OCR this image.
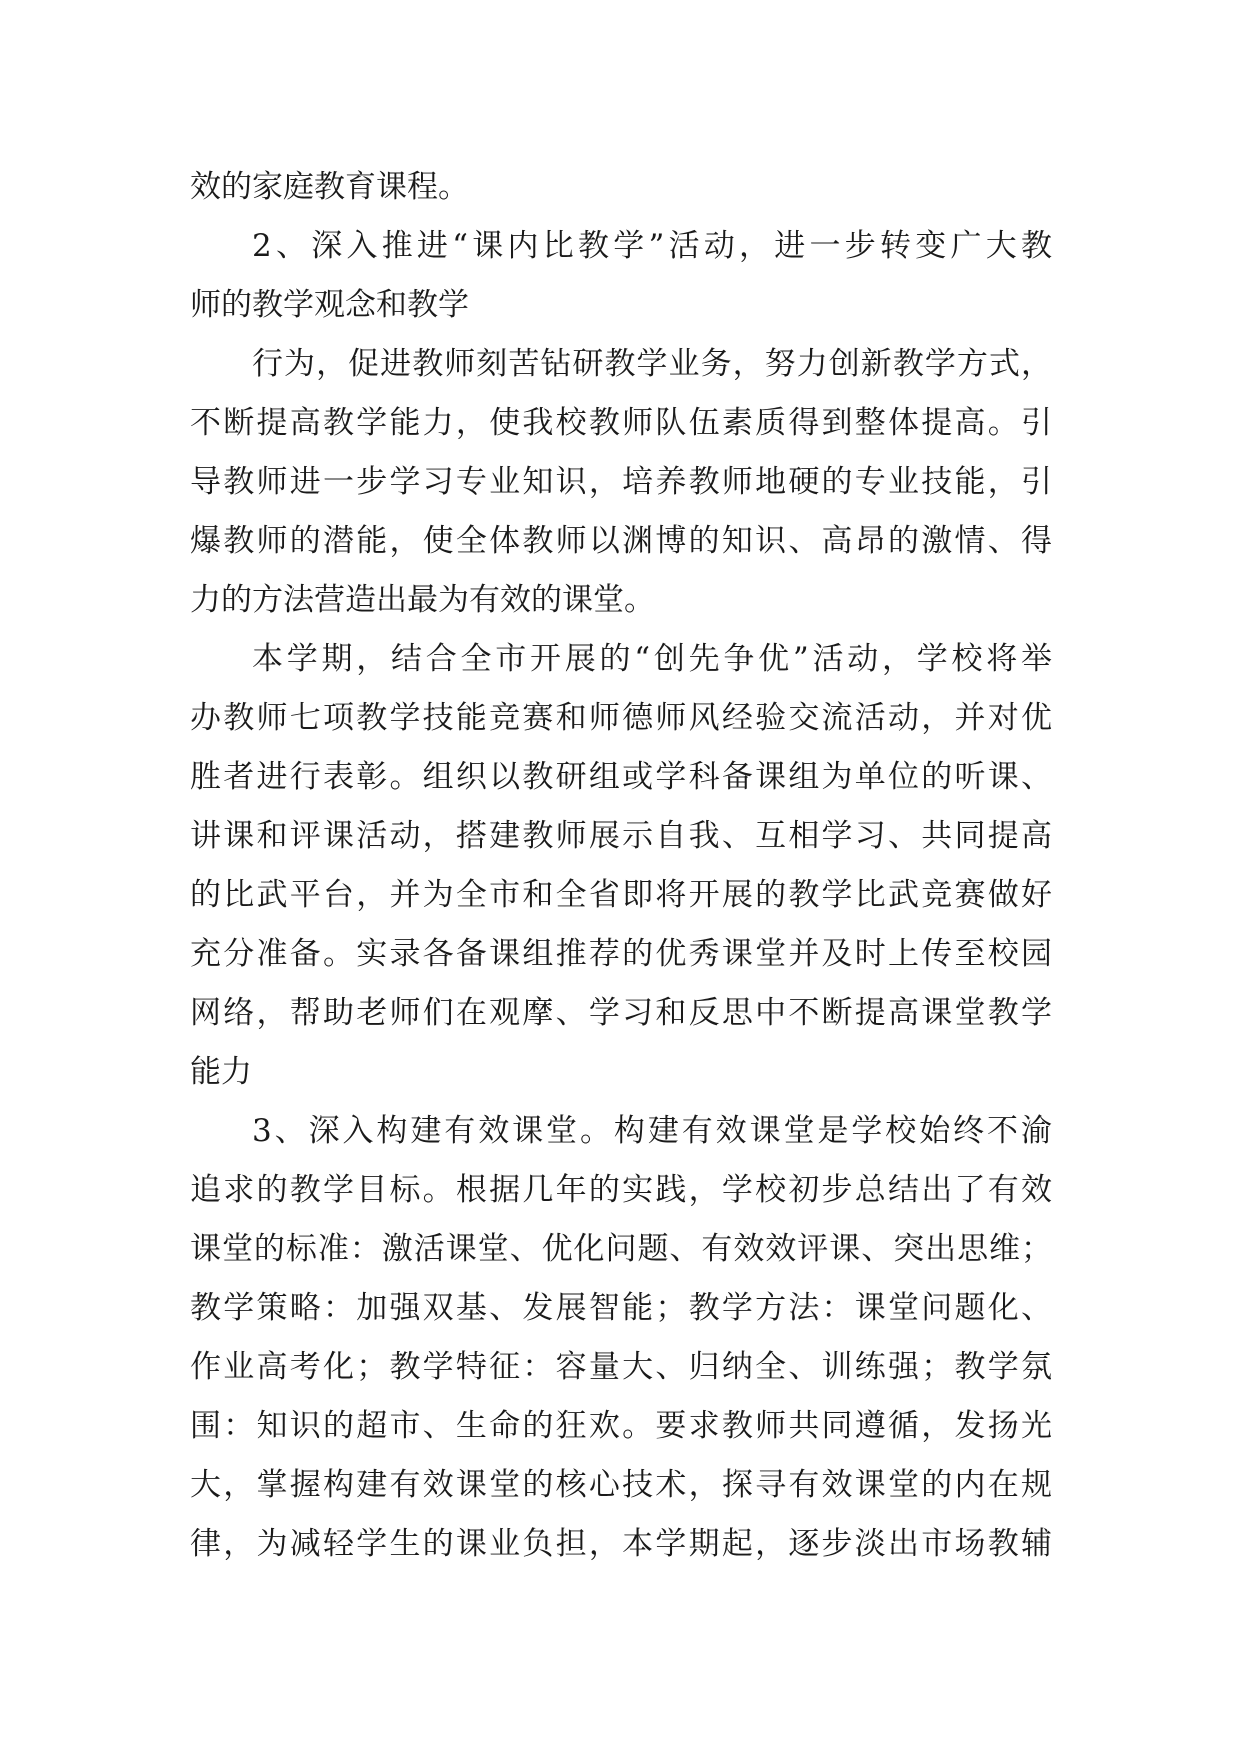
效的家庭教育课程。
2、深入推进“课内比教学”活动，进一步转变广大教
师的教学观念和教学
行为，促进教师刻苦钻研教学业务，努力创新教学方式，
不断提高教学能力，使我校教师队伍素质得到整体提高。引
导教师进一步学习专业知识，培养教师地硬的专业技能，引
爆教师的潜能，使全体教师以渊博的知识、高昂的激情、得
力的方法营造出最为有效的课堂。
本学期，结合全市开展的“创先争优”活动，学校将举
办教师七项教学技能竞赛和师德师风经验交流活动，并对优
胜者进行表彰。组织以教研组或学科备课组为单位的听课、
讲课和评课活动，搭建教师展示自我、互相学习、共同提高
的比武平台，并为全市和全省即将开展的教学比武竞赛做好
充分准备。实录各备课组推荐的优秀课堂并及时上传至校园
网络，帮助老师们在观摩、学习和反思中不断提高课堂教学
能力
3、深入构建有效课堂。构建有效课堂是学校始终不渝
追求的教学目标。根据几年的实践，学校初步总结出了有效
课堂的标准：激活课堂、优化问题、有效效评课、突出思维；
教学策略：加强双基、发展智能；教学方法：课堂问题化、
作业高考化；教学特征：容量大、归纳全、训练强；教学氛
围：知识的超市、生命的狂欢。要求教师共同遵循，发扬光
大，掌握构建有效课堂的核心技术，探寻有效课堂的内在规
律，为减轻学生的课业负担，本学期起，逐步淡出市场教辅
